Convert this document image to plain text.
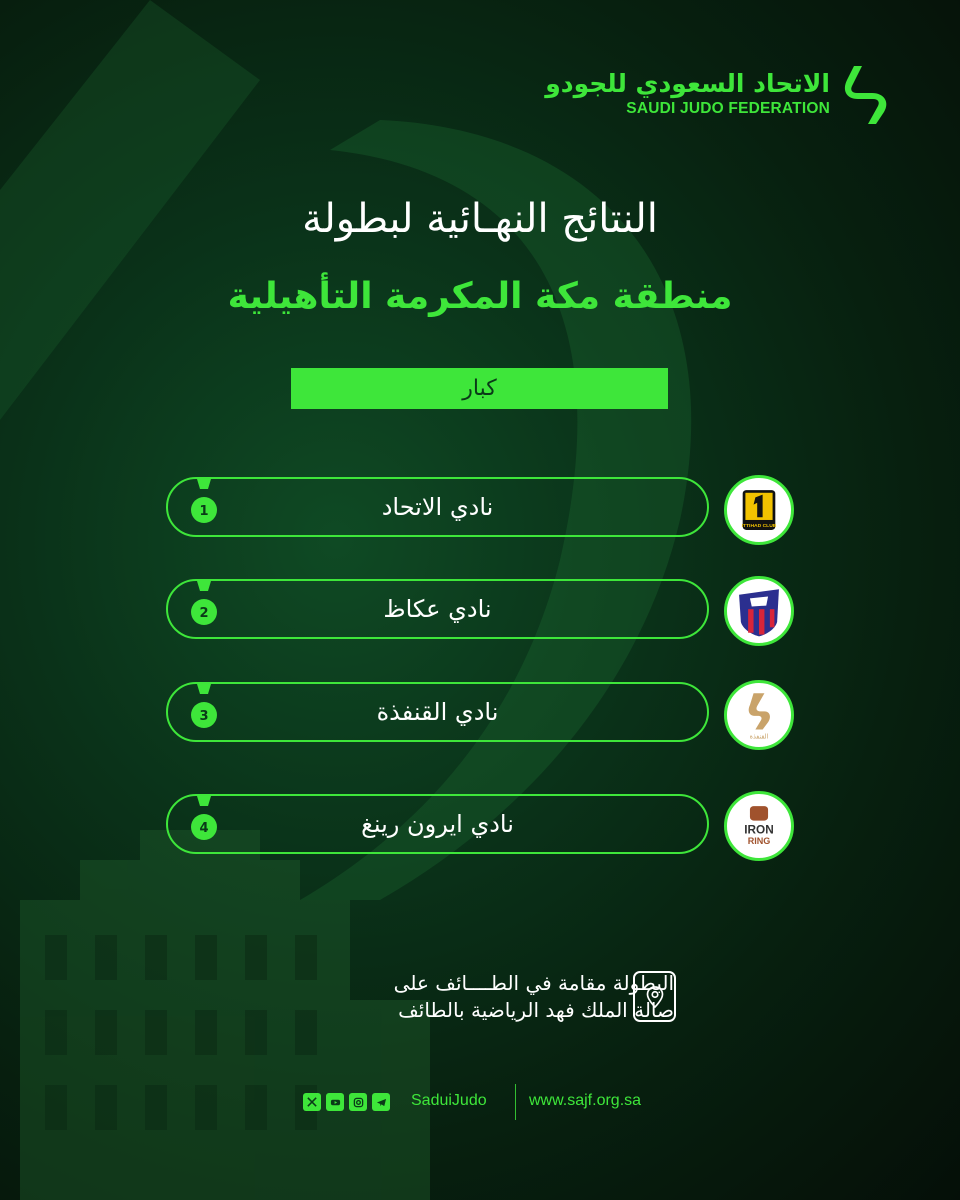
الاتحاد السعودي للجودو
SAUDI JUDO FEDERATION
النتائج النهـائية لبطولة
منطقة مكة المكرمة التأهيلية
كبار
1	نادي الاتحاد
ITTIHAD CLUB
2	نادي عكاظ
3	نادي القنفذة
القنفذة
4	نادي ايرون رينغ	IRON
RING
البطولة مقامة في الطــــائف على
صالة الملك فهد الرياضية بالطائف
SaduiJudo	www.sajf.org.sa
